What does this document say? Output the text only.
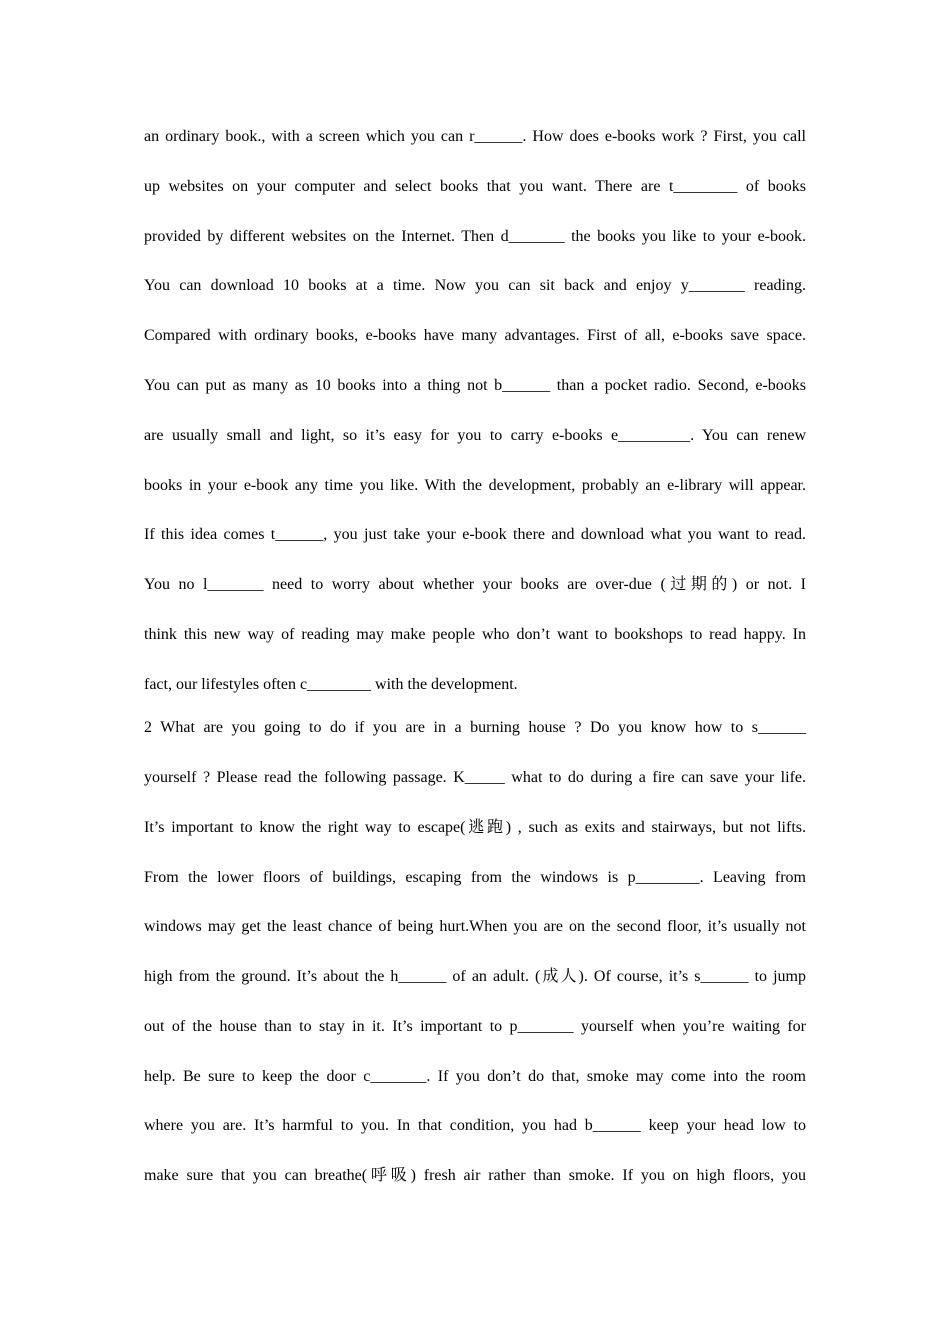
an ordinary book., with a screen which you can r______. How does e-books work ? First, you call
up websites on your computer and select books that you want. There are t________ of books
provided by different websites on the Internet. Then d_______ the books you like to your e-book.
You can download 10 books at a time. Now you can sit back and enjoy y_______ reading.
Compared with ordinary books, e-books have many advantages. First of all, e-books save space.
You can put as many as 10 books into a thing not b______ than a pocket radio. Second, e-books
are usually small and light, so it’s easy for you to carry e-books e_________. You can renew
books in your e-book any time you like. With the development, probably an e-library will appear.
If this idea comes t______, you just take your e-book there and download what you want to read.
You no l_______ need to worry about whether your books are over-due (过期的) or not. I
think this new way of reading may make people who don’t want to bookshops to read happy. In
fact, our lifestyles often c________ with the development.
2 What are you going to do if you are in a burning house ? Do you know how to s______
yourself ? Please read the following passage. K_____ what to do during a fire can save your life.
It’s important to know the right way to escape(逃跑) , such as exits and stairways, but not lifts.
From the lower floors of buildings, escaping from the windows is p________. Leaving from
windows may get the least chance of being hurt.When you are on the second floor, it’s usually not
high from the ground. It’s about the h______ of an adult. (成人). Of course, it’s s______ to jump
out of the house than to stay in it. It’s important to p_______ yourself when you’re waiting for
help. Be sure to keep the door c_______. If you don’t do that, smoke may come into the room
where you are. It’s harmful to you. In that condition, you had b______ keep your head low to
make sure that you can breathe(呼吸) fresh air rather than smoke. If you on high floors, you
